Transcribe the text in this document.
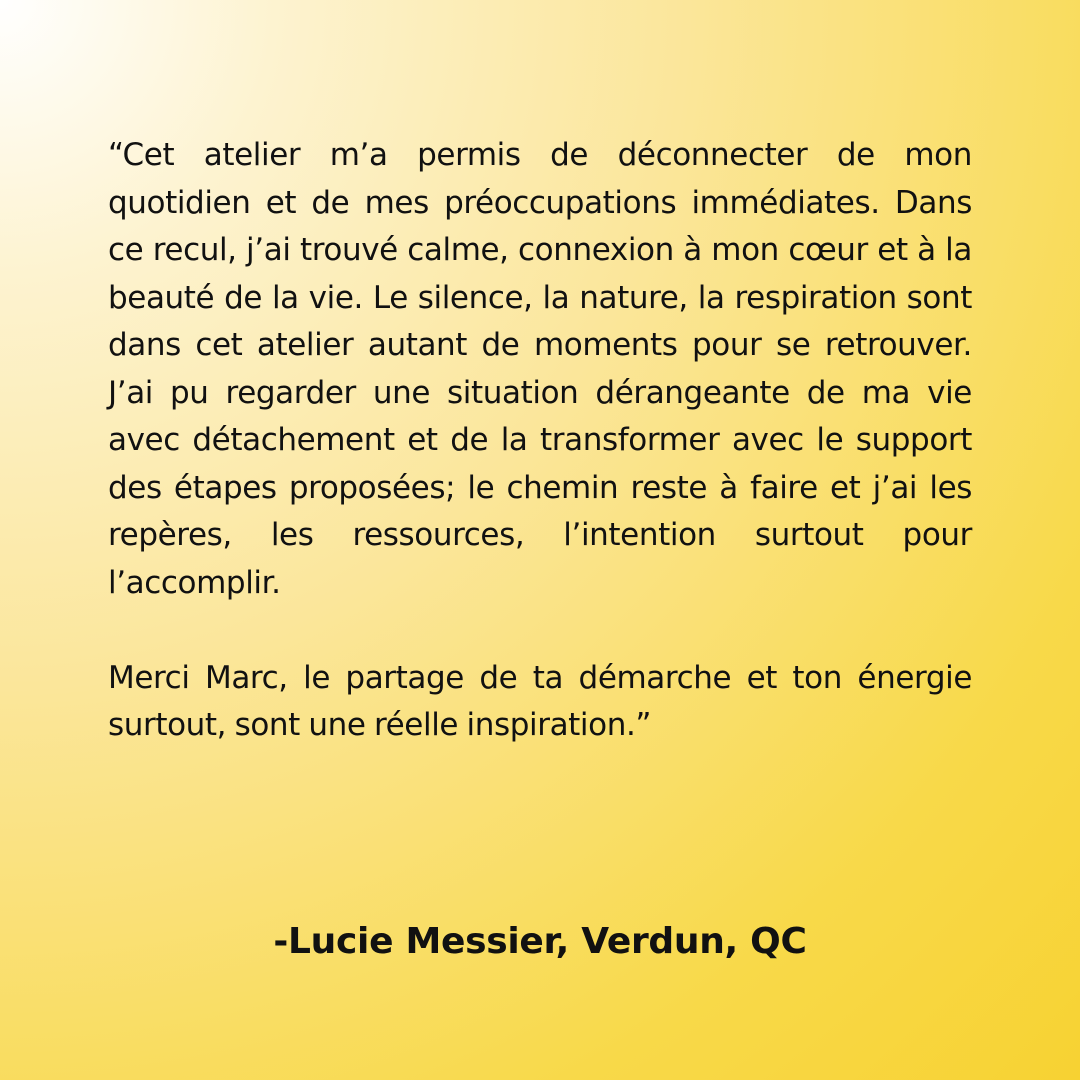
“Cet atelier m’a permis de déconnecter de mon quotidien et de mes préoccupations immédiates. Dans ce recul, j’ai trouvé calme, connexion à mon cœur et à la beauté de la vie. Le silence, la nature, la respiration sont dans cet atelier autant de moments pour se retrouver. J’ai pu regarder une situation dérangeante de ma vie avec détachement et de la transformer avec le support des étapes proposées; le chemin reste à faire et j’ai les repères, les ressources, l’intention surtout pour l’accomplir.

Merci Marc, le partage de ta démarche et ton énergie surtout, sont une réelle inspiration.”

-Lucie Messier, Verdun, QC
